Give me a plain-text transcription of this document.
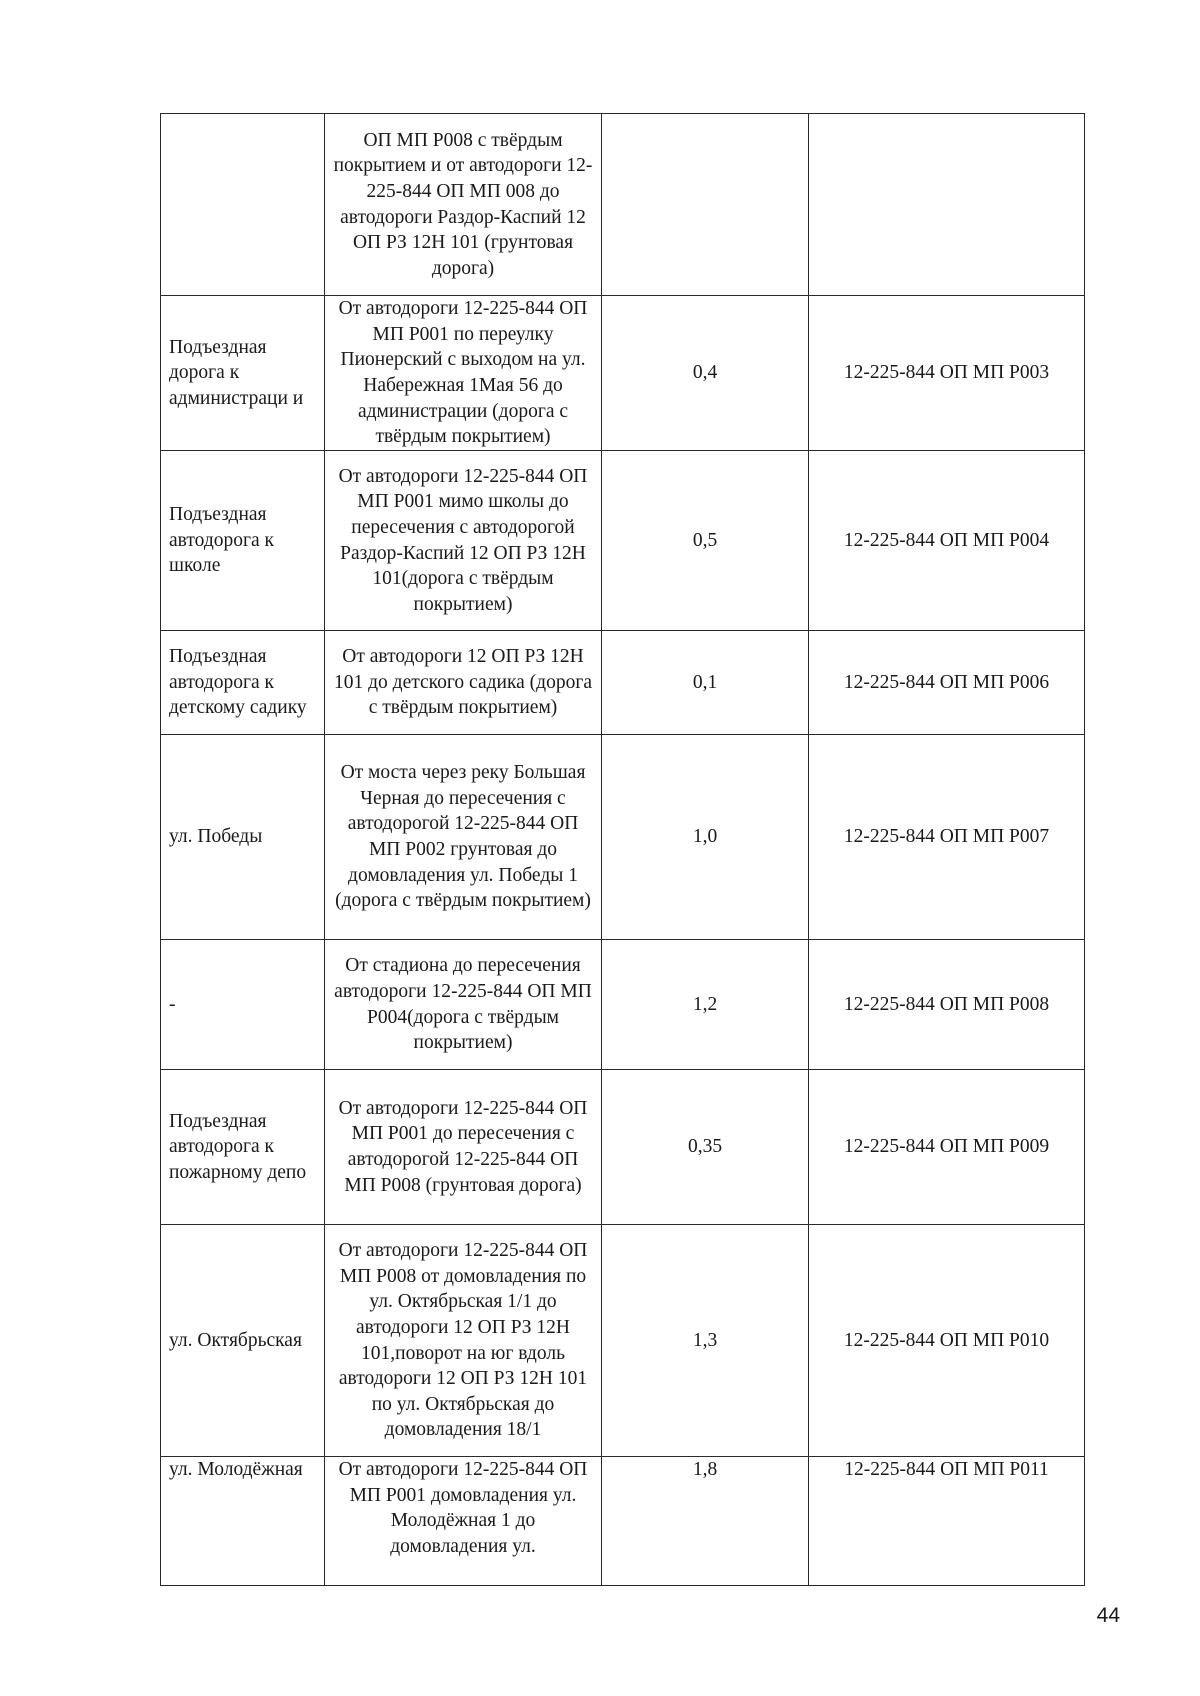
	ОП МП Р008 с твёрдым покрытием и от автодороги 12-225-844 ОП МП 008 до автодороги Раздор-Каспий 12 ОП РЗ 12Н 101 (грунтовая дорога)		
Подъездная дорога к администраци и	От автодороги 12-225-844 ОП МП Р001 по переулку Пионерский с выходом на ул. Набережная 1Мая 56 до администрации (дорога с твёрдым покрытием)	0,4	12-225-844 ОП МП Р003
Подъездная автодорога к школе	От автодороги 12-225-844 ОП МП Р001 мимо школы до пересечения с автодорогой Раздор-Каспий 12 ОП РЗ 12Н 101(дорога с твёрдым покрытием)	0,5	12-225-844 ОП МП Р004
Подъездная автодорога к детскому садику	От автодороги 12 ОП РЗ 12Н 101 до детского садика (дорога с твёрдым покрытием)	0,1	12-225-844 ОП МП Р006
ул. Победы	От моста через реку Большая Черная до пересечения с автодорогой 12-225-844 ОП МП Р002 грунтовая до домовладения ул. Победы 1 (дорога с твёрдым покрытием)	1,0	12-225-844 ОП МП Р007
-	От стадиона до пересечения автодороги 12-225-844 ОП МП Р004(дорога с твёрдым покрытием)	1,2	12-225-844 ОП МП Р008
Подъездная автодорога к пожарному депо	От автодороги 12-225-844 ОП МП Р001 до пересечения с автодорогой 12-225-844 ОП МП Р008 (грунтовая дорога)	0,35	12-225-844 ОП МП Р009
ул. Октябрьская	От автодороги 12-225-844 ОП МП Р008 от домовладения по ул. Октябрьская 1/1 до автодороги 12 ОП РЗ 12Н 101,поворот на юг вдоль автодороги 12 ОП РЗ 12Н 101 по ул. Октябрьская до домовладения 18/1	1,3	12-225-844 ОП МП Р010
ул. Молодёжная	От автодороги 12-225-844 ОП МП Р001 домовладения ул. Молодёжная 1 до домовладения ул.	1,8	12-225-844 ОП МП Р011
44
